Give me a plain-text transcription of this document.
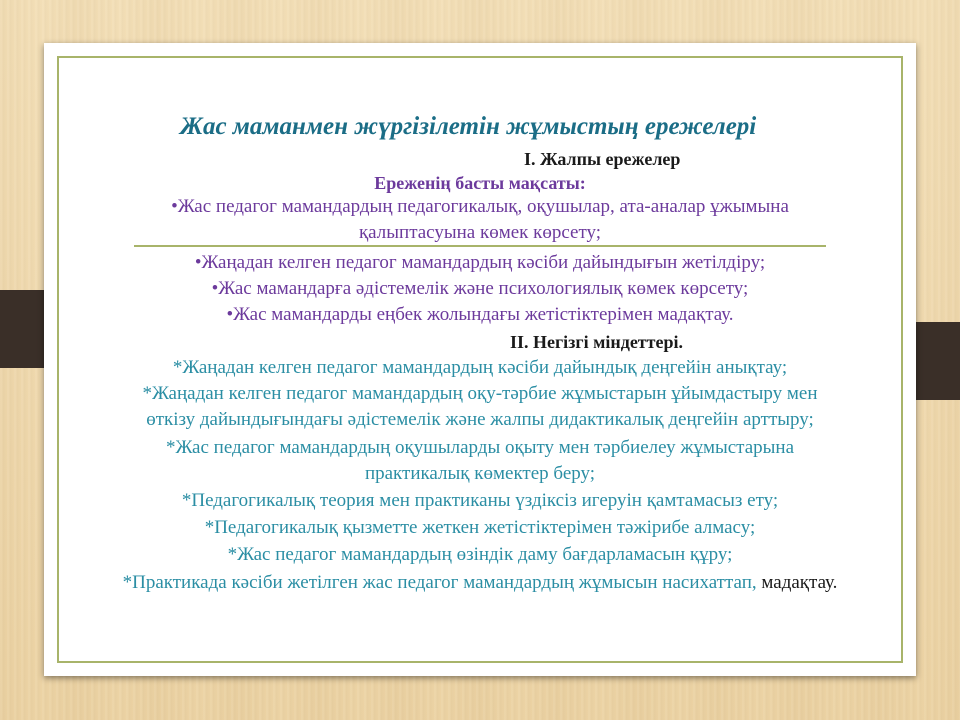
Жас маманмен жүргізілетін жұмыстың ережелері
I. Жалпы ережелер
Ереженің басты мақсаты:
•Жас педагог мамандардың педагогикалық, оқушылар, ата-аналар ұжымына
қалыптасуына көмек көрсету;
•Жаңадан келген педагог мамандардың кәсіби дайындығын жетілдіру;
•Жас мамандарға әдістемелік және психологиялық көмек көрсету;
•Жас мамандарды еңбек жолындағы жетістіктерімен мадақтау.
II. Негізгі міндеттері.
*Жаңадан келген педагог мамандардың кәсіби дайындық деңгейін анықтау;
*Жаңадан келген педагог мамандардың оқу-тәрбие жұмыстарын ұйымдастыру мен
өткізу дайындығындағы әдістемелік және жалпы дидактикалық деңгейін арттыру;
*Жас педагог мамандардың оқушыларды оқыту мен тәрбиелеу жұмыстарына
практикалық көмектер беру;
*Педагогикалық теория мен практиканы үздіксіз игеруін қамтамасыз ету;
*Педагогикалық қызметте жеткен жетістіктерімен тәжірибе алмасу;
*Жас педагог мамандардың өзіндік даму бағдарламасын құру;
*Практикада кәсіби жетілген жас педагог мамандардың жұмысын насихаттап, мадақтау.
